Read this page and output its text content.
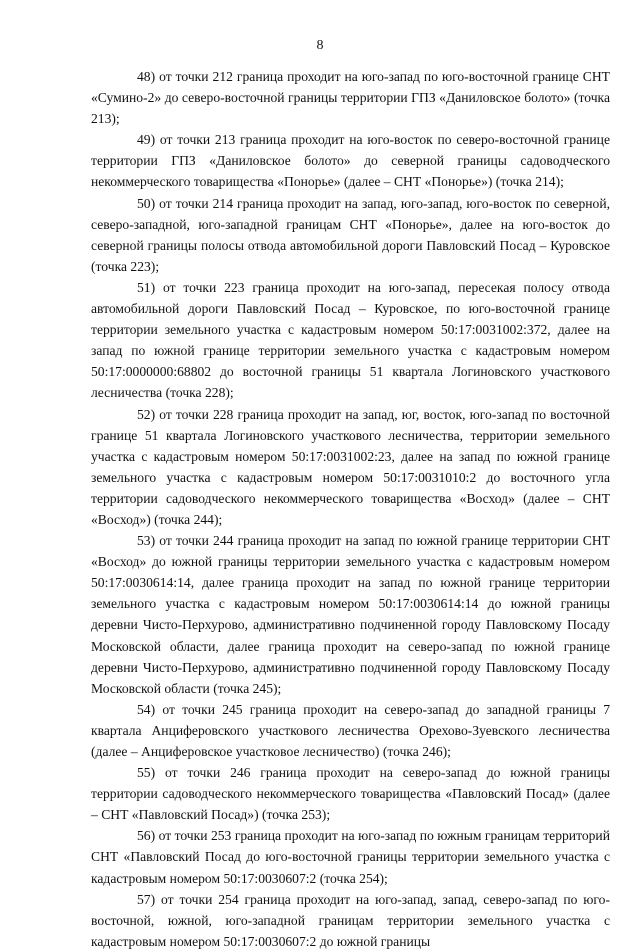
8

48) от точки 212 граница проходит на юго-запад по юго-восточной границе СНТ «Сумино-2» до северо-восточной границы территории ГПЗ «Даниловское болото» (точка 213);

49) от точки 213 граница проходит на юго-восток по северо-восточной границе территории ГПЗ «Даниловское болото» до северной границы садоводческого некоммерческого товарищества «Понорье» (далее – СНТ «Понорье») (точка 214);

50) от точки 214 граница проходит на запад, юго-запад, юго-восток по северной, северо-западной, юго-западной границам СНТ «Понорье», далее на юго-восток до северной границы полосы отвода автомобильной дороги Павловский Посад – Куровское (точка 223);

51) от точки 223 граница проходит на юго-запад, пересекая полосу отвода автомобильной дороги Павловский Посад – Куровское, по юго-восточной границе территории земельного участка с кадастровым номером 50:17:0031002:372, далее на запад по южной границе территории земельного участка с кадастровым номером 50:17:0000000:68802 до восточной границы 51 квартала Логиновского участкового лесничества (точка 228);

52) от точки 228 граница проходит на запад, юг, восток, юго-запад по восточной границе 51 квартала Логиновского участкового лесничества, территории земельного участка с кадастровым номером 50:17:0031002:23, далее на запад по южной границе земельного участка с кадастровым номером 50:17:0031010:2 до восточного угла территории садоводческого некоммерческого товарищества «Восход» (далее – СНТ «Восход») (точка 244);

53) от точки 244 граница проходит на запад по южной границе территории СНТ «Восход» до южной границы территории земельного участка с кадастровым номером 50:17:0030614:14, далее граница проходит на запад по южной границе территории земельного участка с кадастровым номером 50:17:0030614:14 до южной границы деревни Чисто-Перхурово, административно подчиненной городу Павловскому Посаду Московской области, далее граница проходит на северо-запад по южной границе деревни Чисто-Перхурово, административно подчиненной городу Павловскому Посаду Московской области (точка 245);

54) от точки 245 граница проходит на северо-запад до западной границы 7 квартала Анциферовского участкового лесничества Орехово-Зуевского лесничества (далее – Анциферовское участковое лесничество) (точка 246);

55) от точки 246 граница проходит на северо-запад до южной границы территории садоводческого некоммерческого товарищества «Павловский Посад» (далее – СНТ «Павловский Посад») (точка 253);

56) от точки 253 граница проходит на юго-запад по южным границам территорий СНТ «Павловский Посад до юго-восточной границы территории земельного участка с кадастровым номером 50:17:0030607:2 (точка 254);

57) от точки 254 граница проходит на юго-запад, запад, северо-запад по юго-восточной, южной, юго-западной границам территории земельного участка с кадастровым номером 50:17:0030607:2 до южной границы
